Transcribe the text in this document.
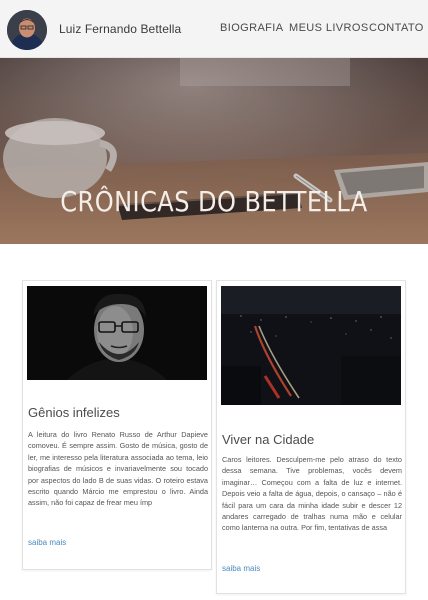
Luiz Fernando Bettella	BIOGRAFIA MEUS LIVROS CONTATO
CRÔNICAS DO BETTELLA
Gênios infelizes

A leitura do livro Renato Russo de Arthur Dapieve comoveu. É sempre assim. Gosto de música, gosto de ler, me interesso pela literatura associada ao tema, leio biografias de músicos e invariavelmente sou tocado por aspectos do lado B de suas vidas. O roteiro estava escrito quando Márcio me emprestou o livro. Ainda assim, não foi capaz de frear meu ímp

saiba mais
Viver na Cidade

Caros leitores. Desculpem-me pelo atraso do texto dessa semana. Tive problemas, vocês devem imaginar… Começou com a falta de luz e internet. Depois veio a falta de água, depois, o cansaço – não é fácil para um cara da minha idade subir e descer 12 andares carregado de tralhas numa mão e celular como lanterna na outra. Por fim, tentativas de assa

saiba mais
